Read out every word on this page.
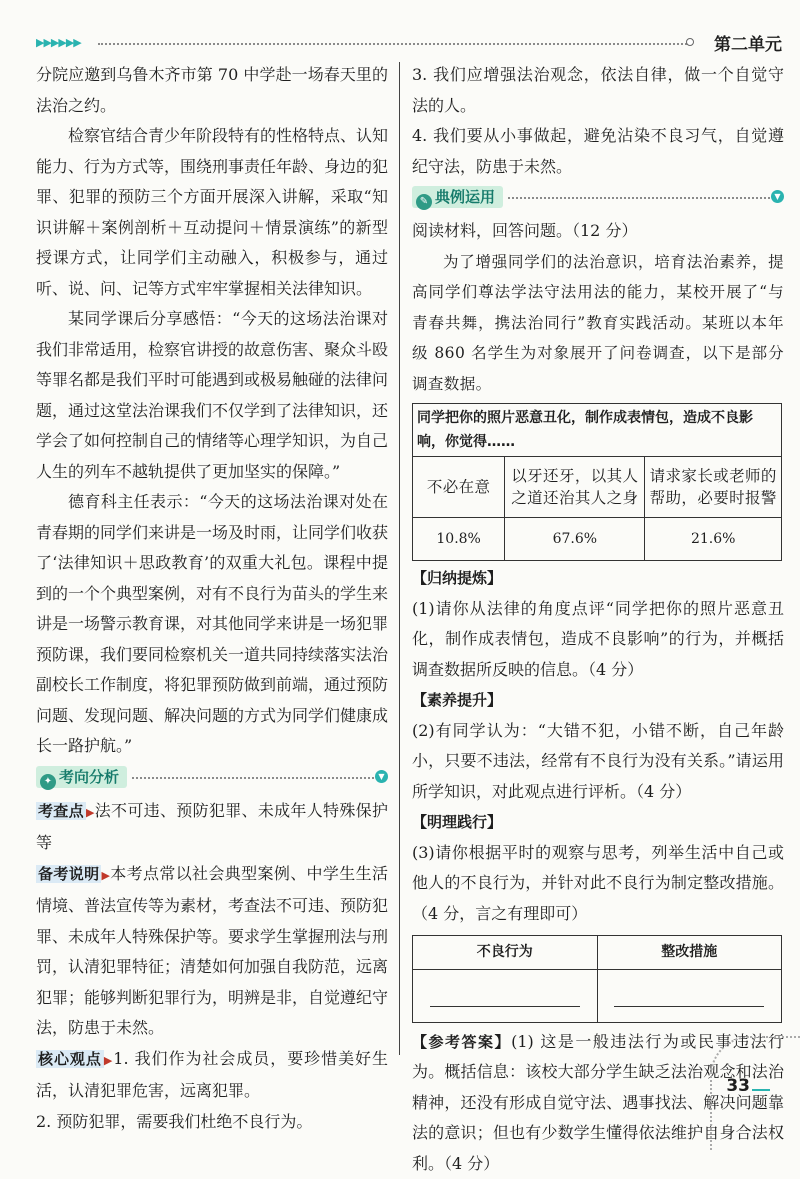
▶▶▶▶▶▶	第二单元

分院应邀到乌鲁木齐市第 70 中学赴一场春天里的法治之约。

检察官结合青少年阶段特有的性格特点、认知能力、行为方式等，围绕刑事责任年龄、身边的犯罪、犯罪的预防三个方面开展深入讲解，采取“知识讲解＋案例剖析＋互动提问＋情景演练”的新型授课方式，让同学们主动融入，积极参与，通过听、说、问、记等方式牢牢掌握相关法律知识。

某同学课后分享感悟：“今天的这场法治课对我们非常适用，检察官讲授的故意伤害、聚众斗殴等罪名都是我们平时可能遇到或极易触碰的法律问题，通过这堂法治课我们不仅学到了法律知识，还学会了如何控制自己的情绪等心理学知识，为自己人生的列车不越轨提供了更加坚实的保障。”

德育科主任表示：“今天的这场法治课对处在青春期的同学们来讲是一场及时雨，让同学们收获了‘法律知识＋思政教育’的双重大礼包。课程中提到的一个个典型案例，对有不良行为苗头的学生来讲是一场警示教育课，对其他同学来讲是一场犯罪预防课，我们要同检察机关一道共同持续落实法治副校长工作制度，将犯罪预防做到前端，通过预防问题、发现问题、解决问题的方式为同学们健康成长一路护航。”

✦ 考向分析	▼

考查点 ▶法不可违、预防犯罪、未成年人特殊保护等

备考说明 ▶本考点常以社会典型案例、中学生生活情境、普法宣传等为素材，考查法不可违、预防犯罪、未成年人特殊保护等。要求学生掌握刑法与刑罚，认清犯罪特征；清楚如何加强自我防范，远离犯罪；能够判断犯罪行为，明辨是非，自觉遵纪守法，防患于未然。

核心观点 ▶1. 我们作为社会成员，要珍惜美好生活，认清犯罪危害，远离犯罪。

2. 预防犯罪，需要我们杜绝不良行为。

3. 我们应增强法治观念，依法自律，做一个自觉守法的人。

4. 我们要从小事做起，避免沾染不良习气，自觉遵纪守法，防患于未然。

✎ 典例运用	▼

阅读材料，回答问题。（12 分）

为了增强同学们的法治意识，培育法治素养，提高同学们尊法学法守法用法的能力，某校开展了“与青春共舞，携法治同行”教育实践活动。某班以本年级 860 名学生为对象展开了问卷调查，以下是部分调查数据。

同学把你的照片恶意丑化，制作成表情包，造成不良影响，你觉得……		
不必在意	以牙还牙，以其人之道还治其人之身	请求家长或老师的帮助，必要时报警
10.8%	67.6%	21.6%

【归纳提炼】

(1)请你从法律的角度点评“同学把你的照片恶意丑化，制作成表情包，造成不良影响”的行为，并概括调查数据所反映的信息。（4 分）

【素养提升】

(2)有同学认为：“大错不犯，小错不断，自己年龄小，只要不违法，经常有不良行为没有关系。”请运用所学知识，对此观点进行评析。（4 分）

【明理践行】

(3)请你根据平时的观察与思考，列举生活中自己或他人的不良行为，并针对此不良行为制定整改措施。（4 分，言之有理即可）

不良行为	整改措施

【参考答案】(1) 这是一般违法行为或民事违法行为。概括信息：该校大部分学生缺乏法治观念和法治精神，还没有形成自觉守法、遇事找法、解决问题靠法的意识；但也有少数学生懂得依法维护自身合法权利。（4 分）

33
